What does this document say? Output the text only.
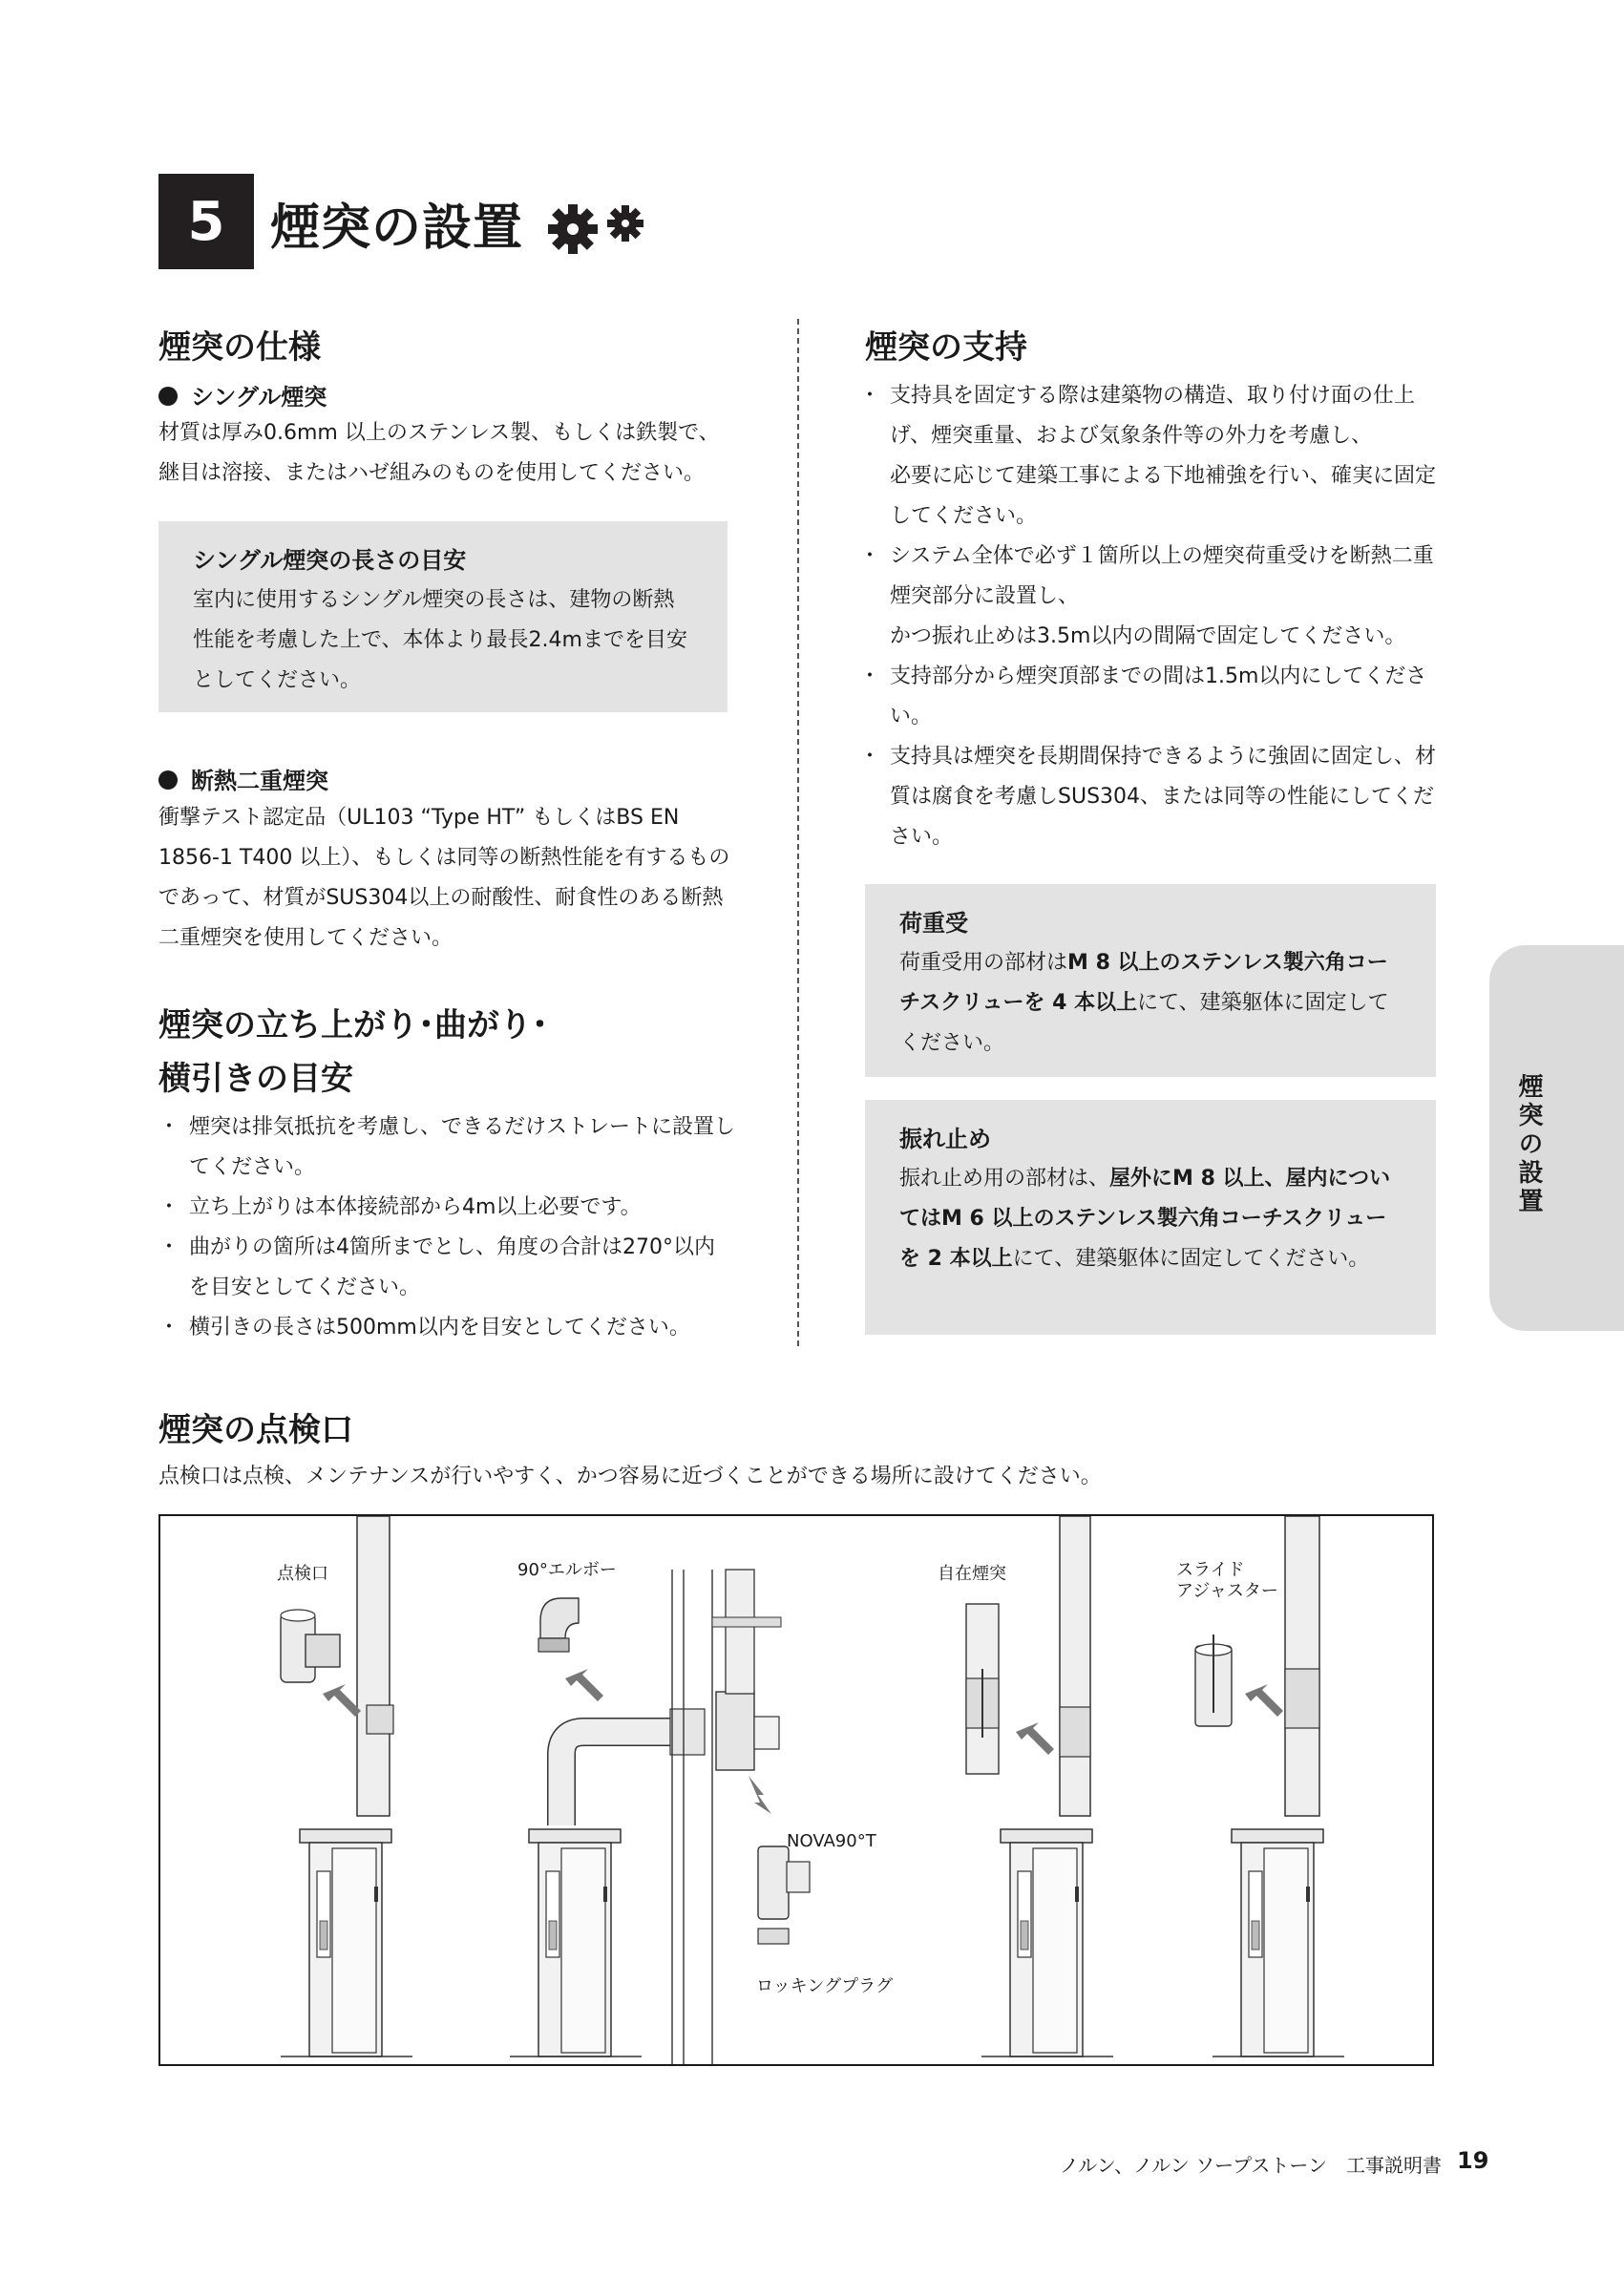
5 煙突の設置
煙突の仕様
シングル煙突
材質は厚み0.6mm 以上のステンレス製、もしくは鉄製で、継目は溶接、またはハゼ組みのものを使用してください。
シングル煙突の長さの目安
室内に使用するシングル煙突の長さは、建物の断熱性能を考慮した上で、本体より最長2.4mまでを目安としてください。
断熱二重煙突
衝撃テスト認定品（UL103 “Type HT” もしくはBS EN 1856-1 T400 以上）、もしくは同等の断熱性能を有するものであって、材質がSUS304以上の耐酸性、耐食性のある断熱二重煙突を使用してください。
煙突の立ち上がり･曲がり･
横引きの目安
・ 煙突は排気抵抗を考慮し、できるだけストレートに設置してください。
・ 立ち上がりは本体接続部から4m以上必要です。
・ 曲がりの箇所は4箇所までとし、角度の合計は270°以内を目安としてください。
・ 横引きの長さは500mm以内を目安としてください。
煙突の支持
・ 支持具を固定する際は建築物の構造、取り付け面の仕上げ、煙突重量、および気象条件等の外力を考慮し、
必要に応じて建築工事による下地補強を行い、確実に固定してください。
・ システム全体で必ず１箇所以上の煙突荷重受けを断熱二重煙突部分に設置し、
かつ振れ止めは3.5m以内の間隔で固定してください。
・ 支持部分から煙突頂部までの間は1.5m以内にしてください。
・ 支持具は煙突を長期間保持できるように強固に固定し、材質は腐食を考慮しSUS304、または同等の性能にしてください。
荷重受
荷重受用の部材はM 8 以上のステンレス製六角コーチスクリューを 4 本以上にて、建築躯体に固定してください。
振れ止め
振れ止め用の部材は、屋外にM 8 以上、屋内についてはM 6 以上のステンレス製六角コーチスクリューを 2 本以上にて、建築躯体に固定してください。
煙突の設置
煙突の点検口
点検口は点検、メンテナンスが行いやすく、かつ容易に近づくことができる場所に設けてください。
点検口	90°エルボー	自在煙突	スライド
アジャスター
NOVA90°T
ロッキングプラグ
ノルン、ノルン ソープストーン　工事説明書 19
